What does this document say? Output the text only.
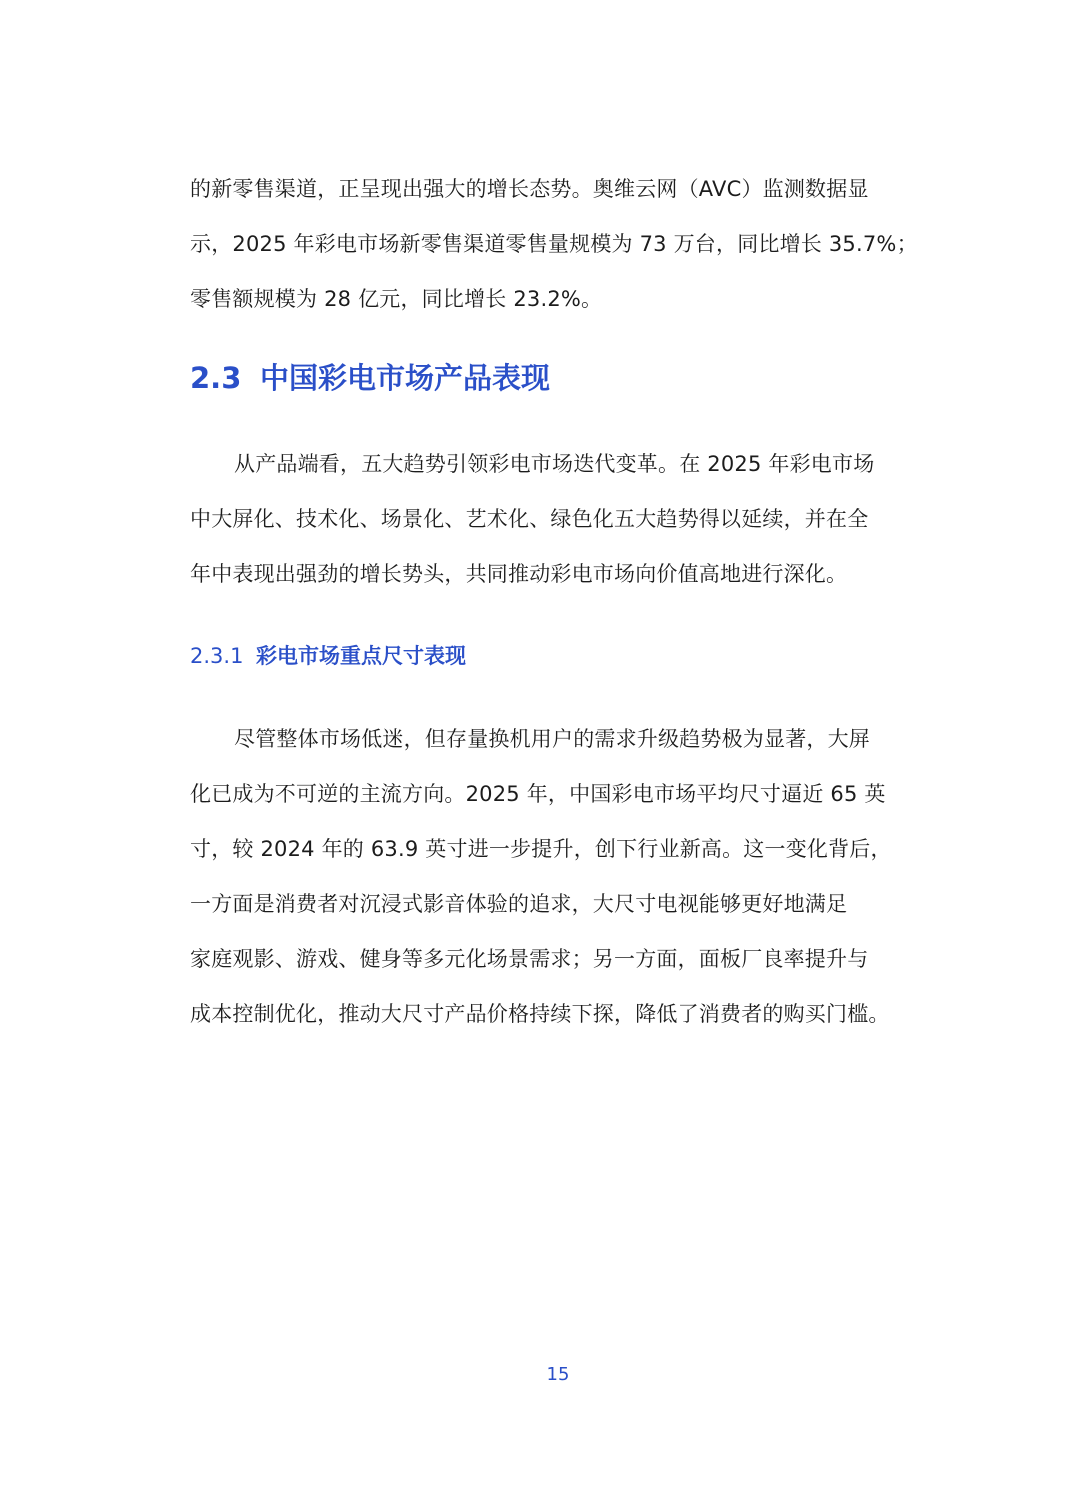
的新零售渠道，正呈现出强大的增长态势。奥维云网（AVC）监测数据显
示，2025 年彩电市场新零售渠道零售量规模为 73 万台，同比增长 35.7%；
零售额规模为 28 亿元，同比增长 23.2%。
2.3 中国彩电市场产品表现
从产品端看，五大趋势引领彩电市场迭代变革。在 2025 年彩电市场
中大屏化、技术化、场景化、艺术化、绿色化五大趋势得以延续，并在全
年中表现出强劲的增长势头，共同推动彩电市场向价值高地进行深化。
2.3.1 彩电市场重点尺寸表现
尽管整体市场低迷，但存量换机用户的需求升级趋势极为显著，大屏
化已成为不可逆的主流方向。2025 年，中国彩电市场平均尺寸逼近 65 英
寸，较 2024 年的 63.9 英寸进一步提升，创下行业新高。这一变化背后，
一方面是消费者对沉浸式影音体验的追求，大尺寸电视能够更好地满足
家庭观影、游戏、健身等多元化场景需求；另一方面，面板厂良率提升与
成本控制优化，推动大尺寸产品价格持续下探，降低了消费者的购买门槛。
15
